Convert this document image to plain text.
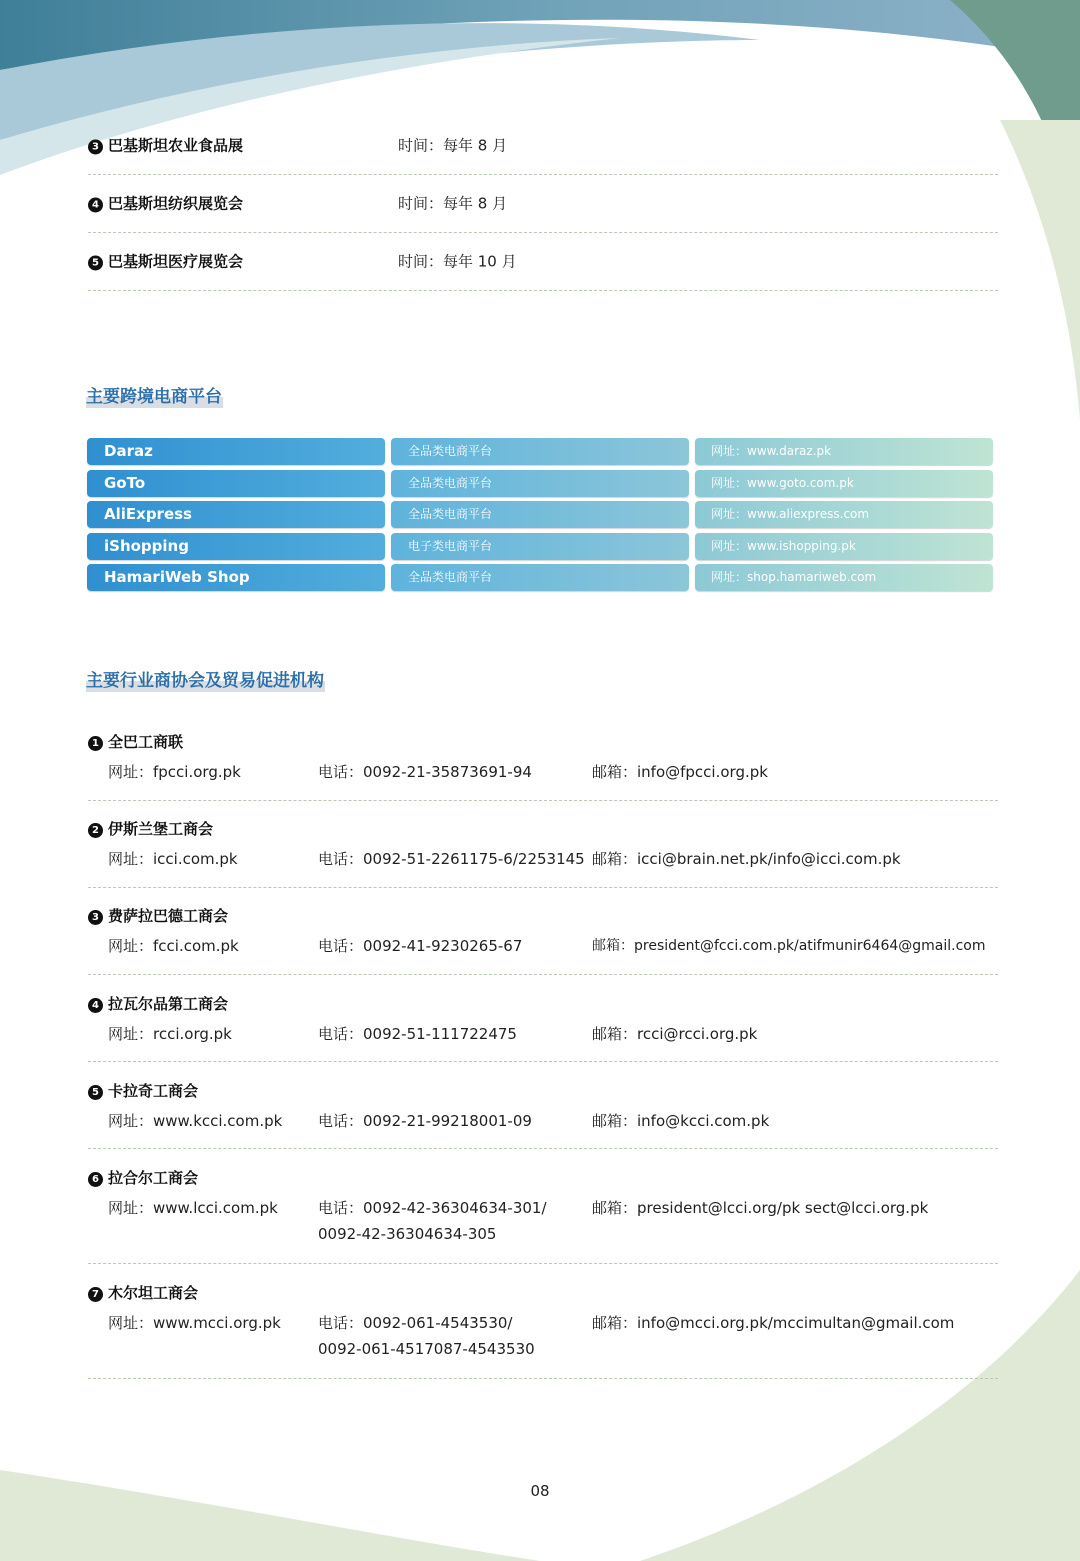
3 巴基斯坦农业食品展	时间：每年 8 月
4 巴基斯坦纺织展览会	时间：每年 8 月
5 巴基斯坦医疗展览会	时间：每年 10 月
主要跨境电商平台
Daraz	全品类电商平台	网址：www.daraz.pk
GoTo	全品类电商平台	网址：www.goto.com.pk
AliExpress	全品类电商平台	网址：www.aliexpress.com
iShopping	电子类电商平台	网址：www.ishopping.pk
HamariWeb Shop	全品类电商平台	网址：shop.hamariweb.com
主要行业商协会及贸易促进机构
1 全巴工商联
网址：fpcci.org.pk	电话：0092-21-35873691-94	邮箱：info@fpcci.org.pk
2 伊斯兰堡工商会
网址：icci.com.pk	电话：0092-51-2261175-6/2253145 邮箱：icci@brain.net.pk/info@icci.com.pk
3 费萨拉巴德工商会
网址：fcci.com.pk	电话：0092-41-9230265-67	邮箱：president@fcci.com.pk/atifmunir6464@gmail.com
4 拉瓦尔品第工商会
网址：rcci.org.pk	电话：0092-51-111722475	邮箱：rcci@rcci.org.pk
5 卡拉奇工商会
网址：www.kcci.com.pk 电话：0092-21-99218001-09	邮箱：info@kcci.com.pk
6 拉合尔工商会
网址：www.lcci.com.pk	电话：0092-42-36304634-301/
0092-42-36304634-305
邮箱：president@lcci.org/pk sect@lcci.org.pk
7 木尔坦工商会
网址：www.mcci.org.pk 电话：0092-061-4543530/
0092-061-4517087-4543530
邮箱：info@mcci.org.pk/mccimultan@gmail.com
08
